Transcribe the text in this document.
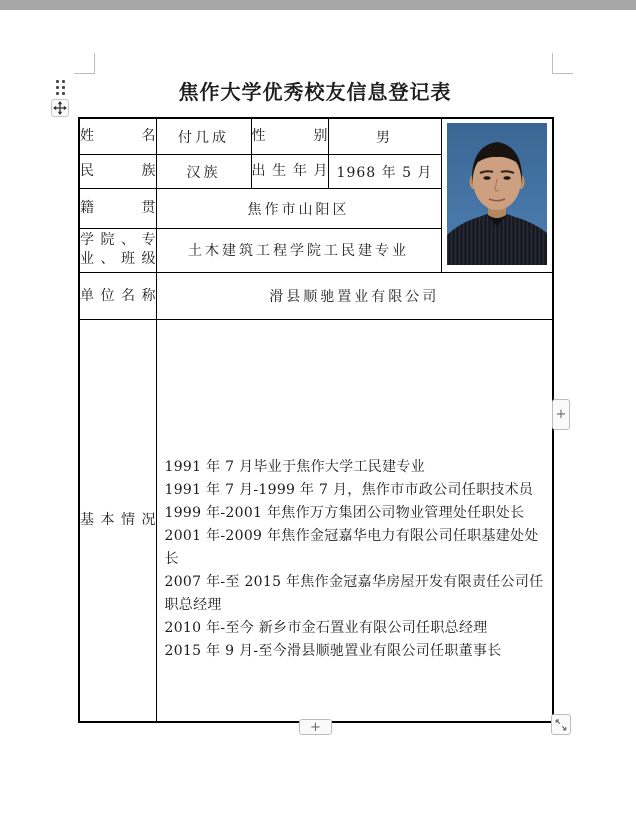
焦作大学优秀校友信息登记表
姓名	付几成	性别	男	

民族	汉族	出生年月	1968 年 5 月	
籍贯	焦作市山阳区			
学院、专业、班级	土木建筑工程学院工民建专业			
单位名称	滑县顺驰置业有限公司			
基本情况	
1991 年 7 月毕业于焦作大学工民建专业
1991 年 7 月-1999 年 7 月，焦作市市政公司任职技术员
1999 年-2001 年焦作万方集团公司物业管理处任职处长
2001 年-2009 年焦作金冠嘉华电力有限公司任职基建处处长
2007 年-至 2015 年焦作金冠嘉华房屋开发有限责任公司任职总经理
2010 年-至今 新乡市金石置业有限公司任职总经理
2015 年 9 月-至今滑县顺驰置业有限公司任职董事长
+
+
